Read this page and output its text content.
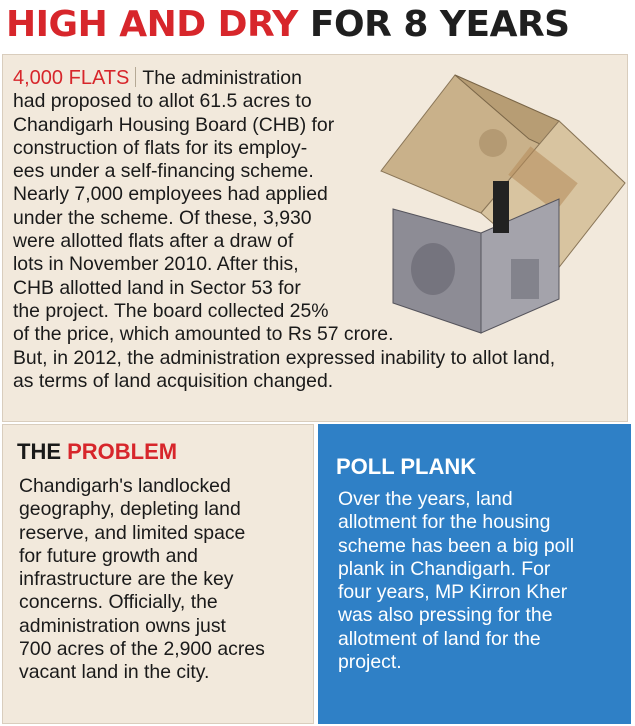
HIGH AND DRY FOR 8 YEARS
4,000 FLATS The administration
had proposed to allot 61.5 acres to
Chandigarh Housing Board (CHB) for
construction of flats for its employ-
ees under a self-financing scheme.
Nearly 7,000 employees had applied
under the scheme. Of these, 3,930
were allotted flats after a draw of
lots in November 2010. After this,
CHB allotted land in Sector 53 for
the project. The board collected 25%
of the price, which amounted to Rs 57 crore.
But, in 2012, the administration expressed inability to allot land,
as terms of land acquisition changed.
THE PROBLEM
Chandigarh's landlocked
geography, depleting land
reserve, and limited space
for future growth and
infrastructure are the key
concerns. Officially, the
administration owns just
700 acres of the 2,900 acres
vacant land in the city.
POLL PLANK
Over the years, land
allotment for the housing
scheme has been a big poll
plank in Chandigarh. For
four years, MP Kirron Kher
was also pressing for the
allotment of land for the
project.
